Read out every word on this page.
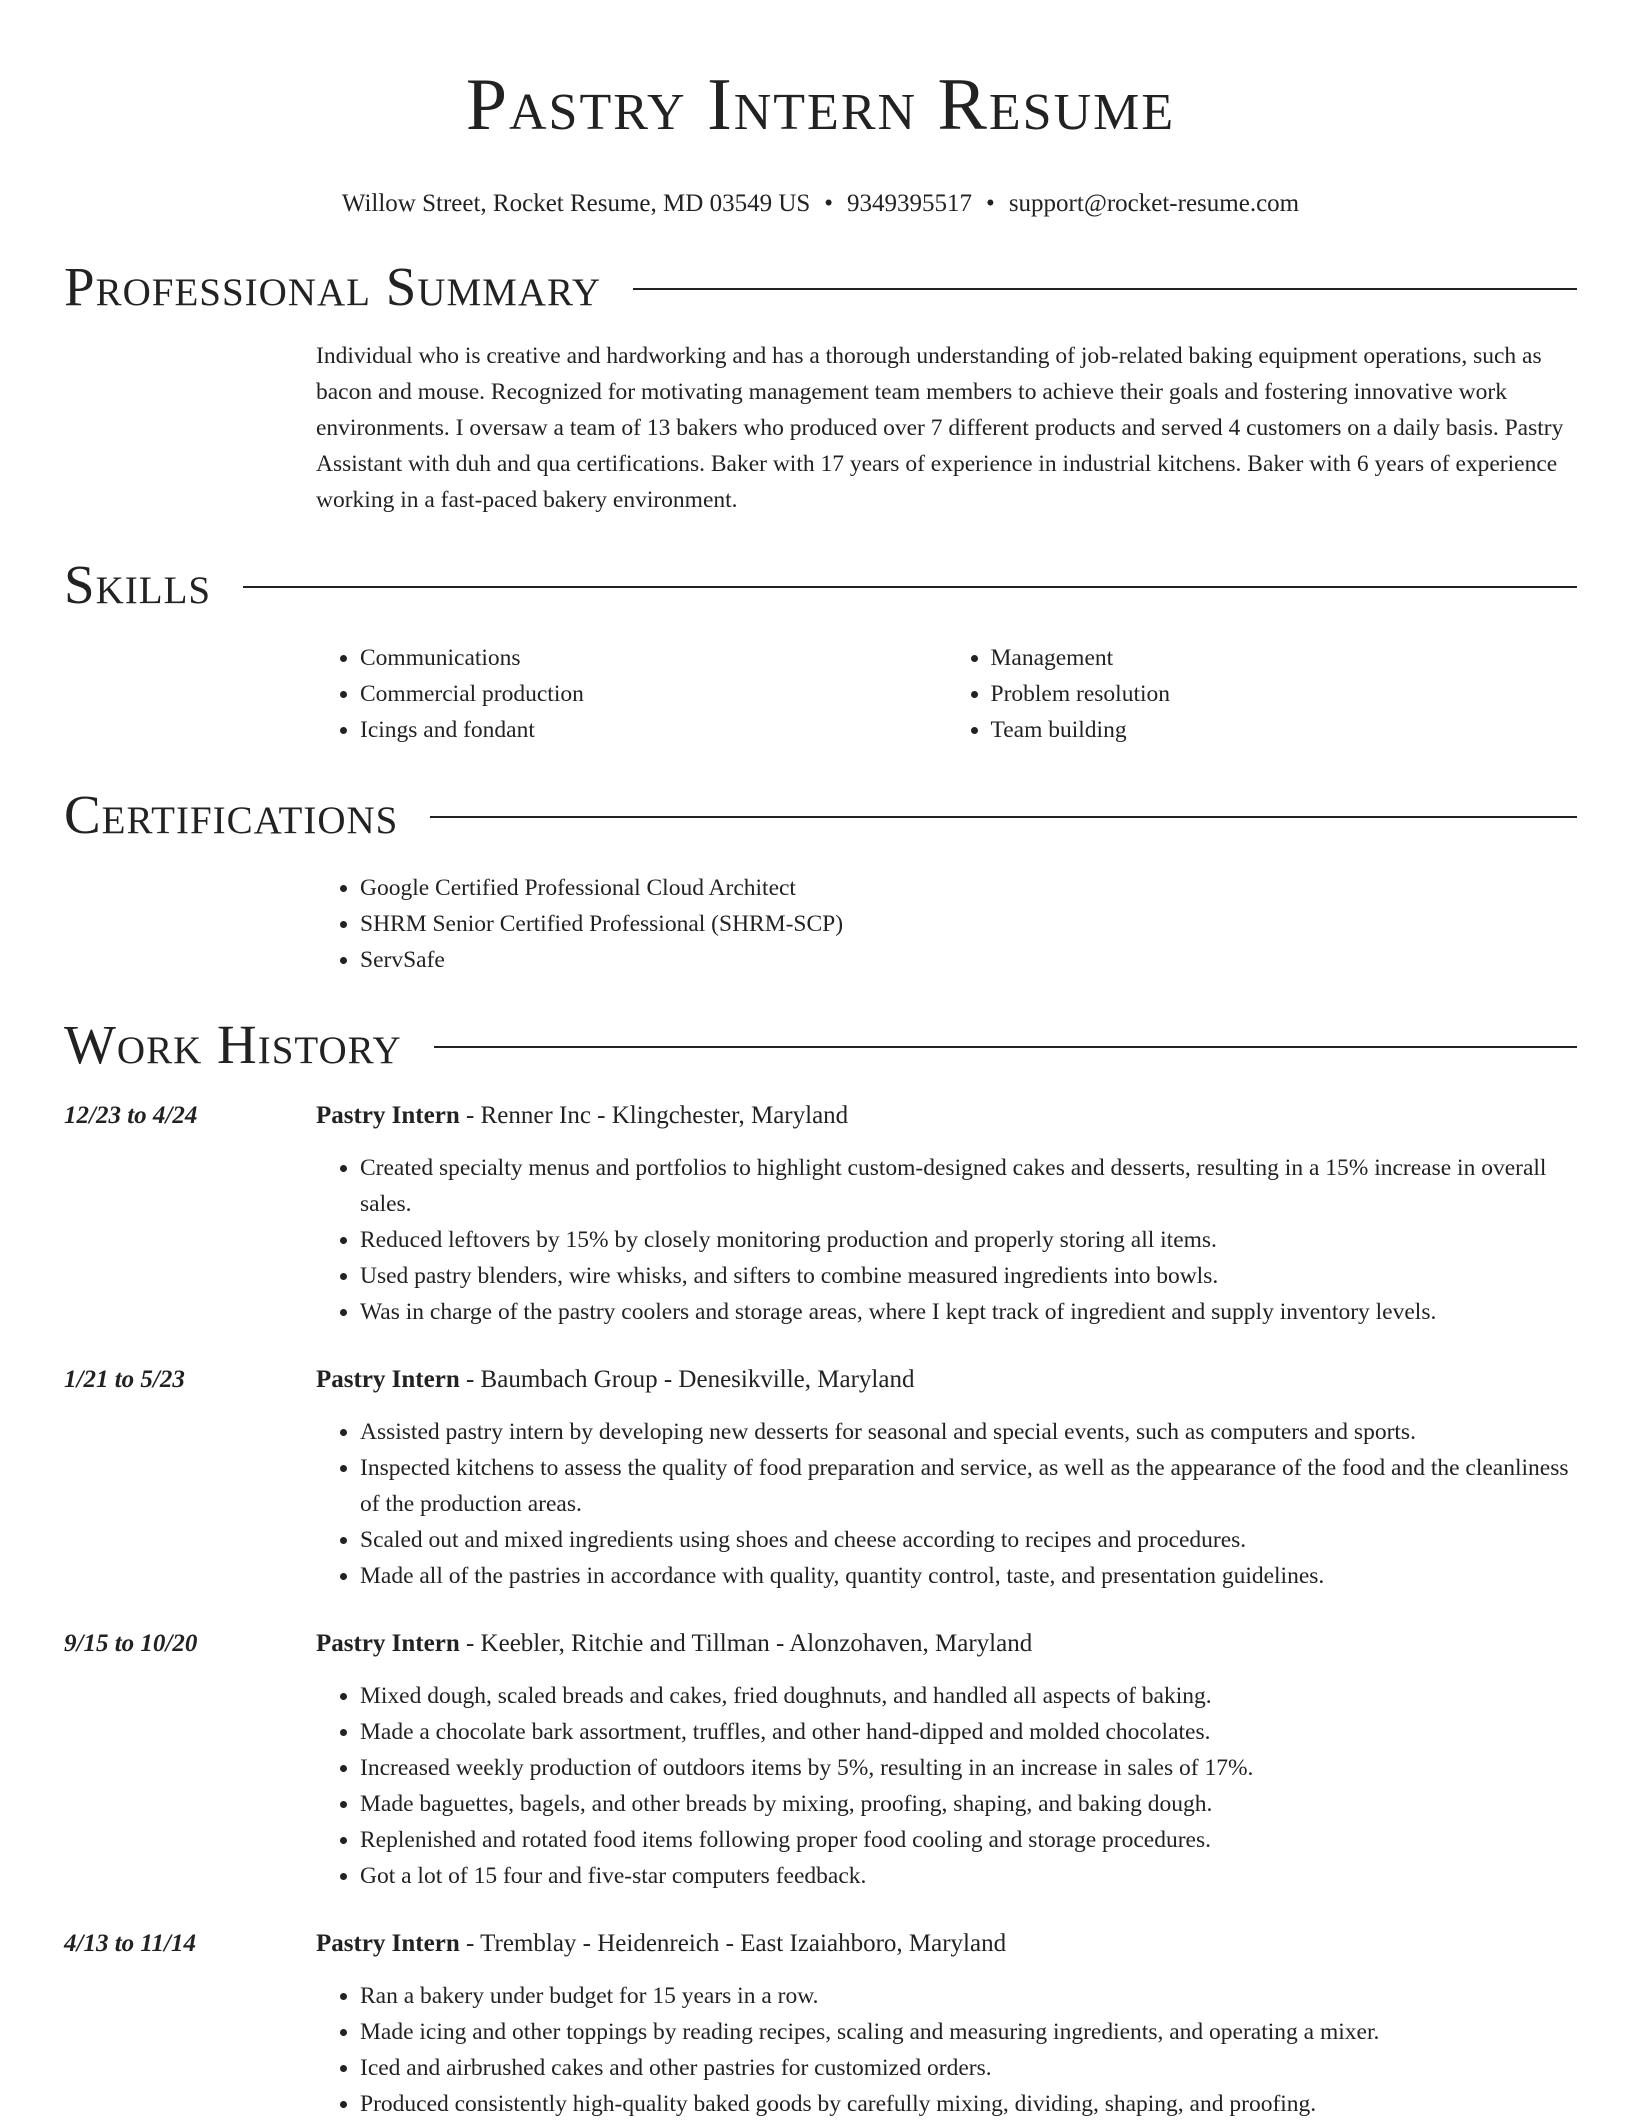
Pastry Intern Resume
Willow Street, Rocket Resume, MD 03549 US • 9349395517 • support@rocket-resume.com
Professional Summary

Individual who is creative and hardworking and has a thorough understanding of job-related baking equipment operations, such as bacon and mouse. Recognized for motivating management team members to achieve their goals and fostering innovative work environments. I oversaw a team of 13 bakers who produced over 7 different products and served 4 customers on a daily basis. Pastry Assistant with duh and qua certifications. Baker with 17 years of experience in industrial kitchens. Baker with 6 years of experience working in a fast-paced bakery environment.

Skills
• Communications
• Commercial production
• Icings and fondant
• Management
• Problem resolution
• Team building
Certifications
• Google Certified Professional Cloud Architect
• SHRM Senior Certified Professional (SHRM-SCP)
• ServSafe
Work History
12/23 to 4/24	Pastry Intern - Renner Inc - Klingchester, Maryland
• Created specialty menus and portfolios to highlight custom-designed cakes and desserts, resulting in a 15% increase in overall sales.
• Reduced leftovers by 15% by closely monitoring production and properly storing all items.
• Used pastry blenders, wire whisks, and sifters to combine measured ingredients into bowls.
• Was in charge of the pastry coolers and storage areas, where I kept track of ingredient and supply inventory levels.
1/21 to 5/23	Pastry Intern - Baumbach Group - Denesikville, Maryland
• Assisted pastry intern by developing new desserts for seasonal and special events, such as computers and sports.
• Inspected kitchens to assess the quality of food preparation and service, as well as the appearance of the food and the cleanliness of the production areas.
• Scaled out and mixed ingredients using shoes and cheese according to recipes and procedures.
• Made all of the pastries in accordance with quality, quantity control, taste, and presentation guidelines.
9/15 to 10/20	Pastry Intern - Keebler, Ritchie and Tillman - Alonzohaven, Maryland
• Mixed dough, scaled breads and cakes, fried doughnuts, and handled all aspects of baking.
• Made a chocolate bark assortment, truffles, and other hand-dipped and molded chocolates.
• Increased weekly production of outdoors items by 5%, resulting in an increase in sales of 17%.
• Made baguettes, bagels, and other breads by mixing, proofing, shaping, and baking dough.
• Replenished and rotated food items following proper food cooling and storage procedures.
• Got a lot of 15 four and five-star computers feedback.
4/13 to 11/14	Pastry Intern - Tremblay - Heidenreich - East Izaiahboro, Maryland
• Ran a bakery under budget for 15 years in a row.
• Made icing and other toppings by reading recipes, scaling and measuring ingredients, and operating a mixer.
• Iced and airbrushed cakes and other pastries for customized orders.
• Produced consistently high-quality baked goods by carefully mixing, dividing, shaping, and proofing.
